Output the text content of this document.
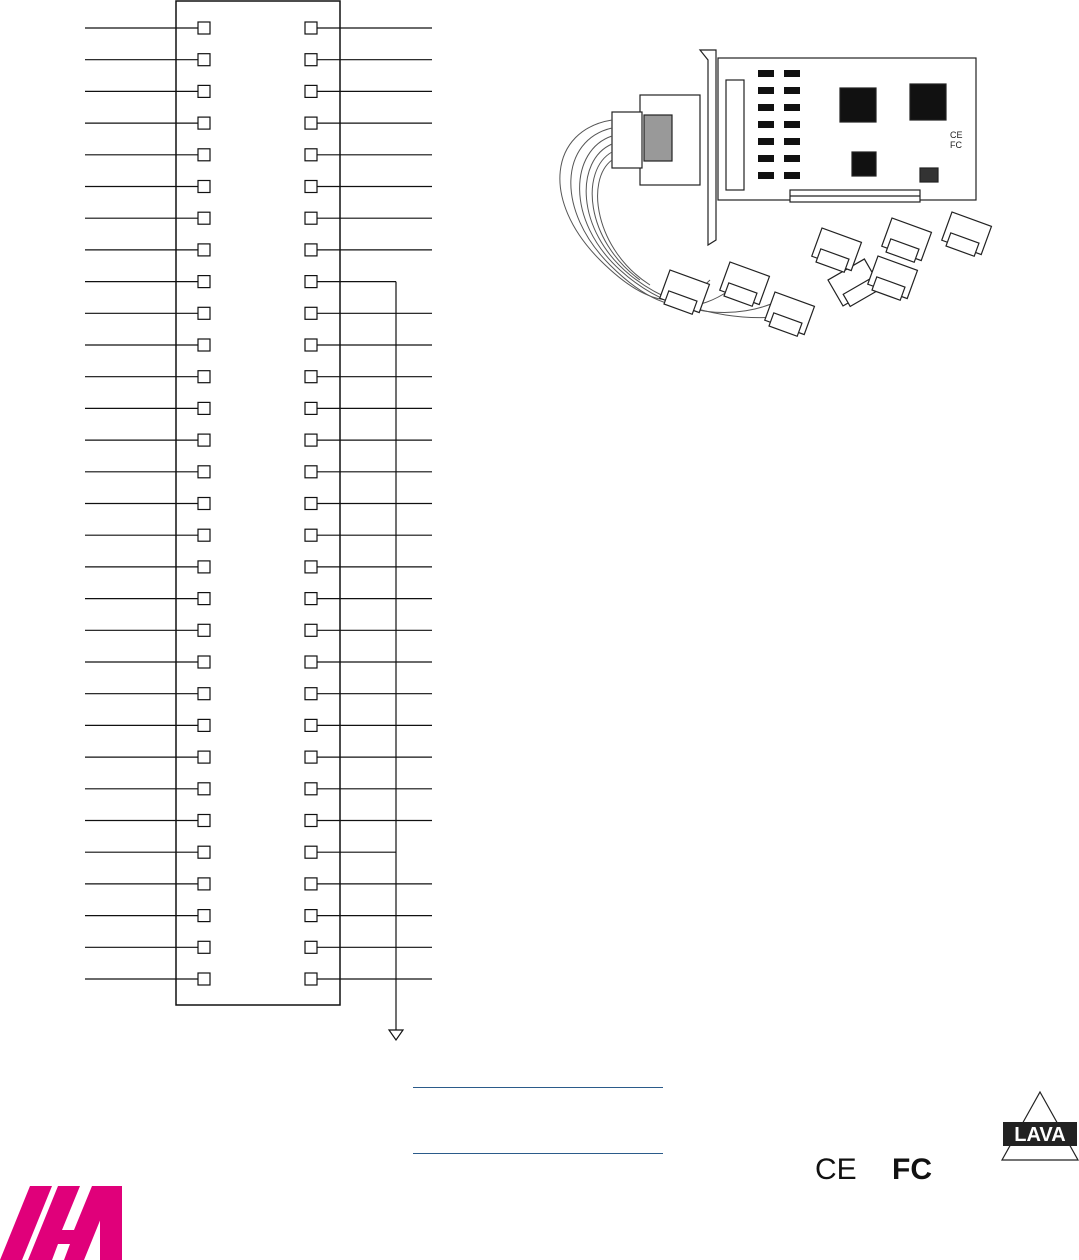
CE
FC
LAVA
CE FC
